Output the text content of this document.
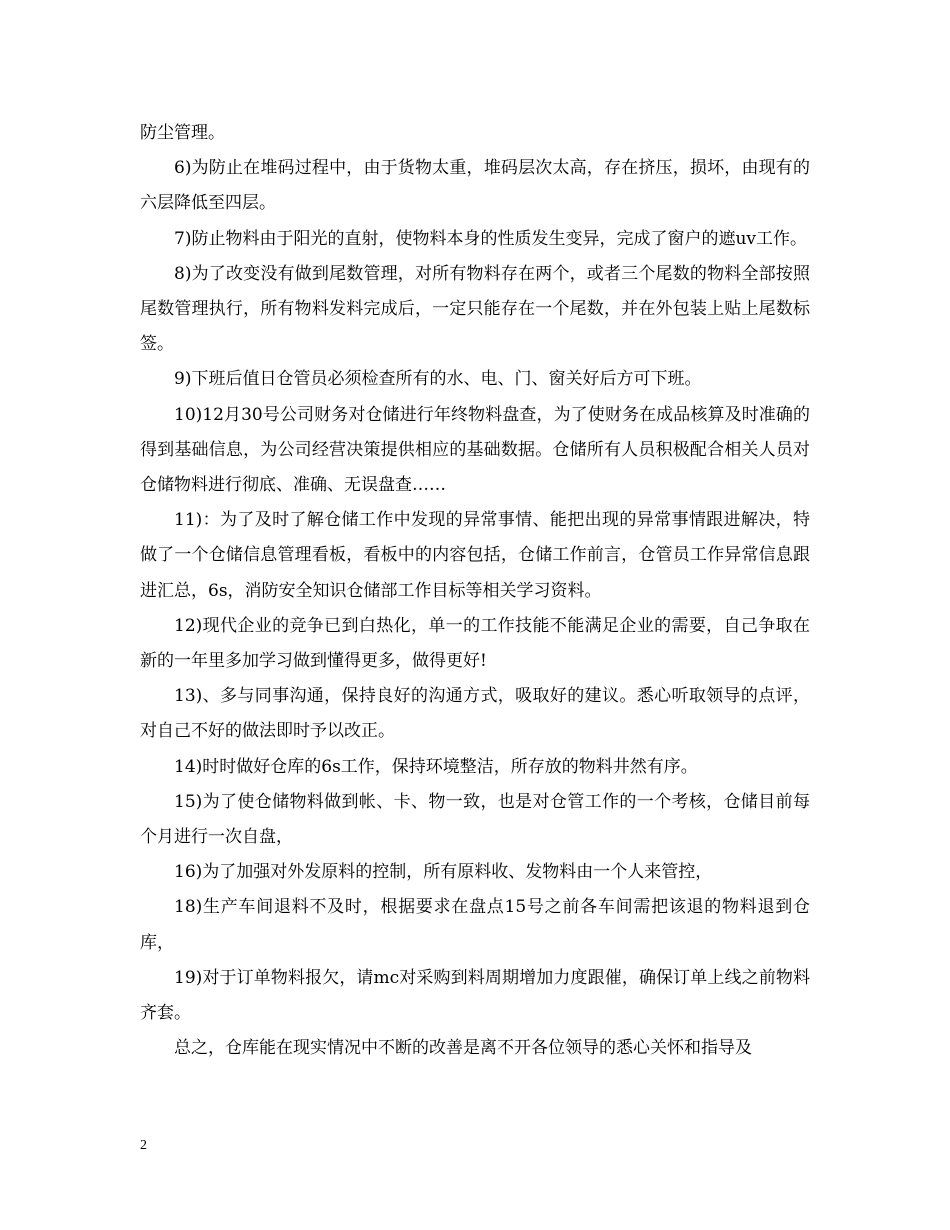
防尘管理。

6)为防止在堆码过程中，由于货物太重，堆码层次太高，存在挤压，损坏，由现有的六层降低至四层。

7)防止物料由于阳光的直射，使物料本身的性质发生变异，完成了窗户的遮uv工作。

8)为了改变没有做到尾数管理，对所有物料存在两个，或者三个尾数的物料全部按照尾数管理执行，所有物料发料完成后，一定只能存在一个尾数，并在外包装上贴上尾数标签。

9)下班后值日仓管员必须检查所有的水、电、门、窗关好后方可下班。

10)12月30号公司财务对仓储进行年终物料盘查，为了使财务在成品核算及时准确的得到基础信息，为公司经营决策提供相应的基础数据。仓储所有人员积极配合相关人员对仓储物料进行彻底、准确、无误盘查……

11)：为了及时了解仓储工作中发现的异常事情、能把出现的异常事情跟进解决，特做了一个仓储信息管理看板，看板中的内容包括，仓储工作前言，仓管员工作异常信息跟进汇总，6s，消防安全知识仓储部工作目标等相关学习资料。

12)现代企业的竞争已到白热化，单一的工作技能不能满足企业的需要，自己争取在新的一年里多加学习做到懂得更多，做得更好!

13)、多与同事沟通，保持良好的沟通方式，吸取好的建议。悉心听取领导的点评，对自己不好的做法即时予以改正。

14)时时做好仓库的6s工作，保持环境整洁，所存放的物料井然有序。

15)为了使仓储物料做到帐、卡、物一致，也是对仓管工作的一个考核，仓储目前每个月进行一次自盘，

16)为了加强对外发原料的控制，所有原料收、发物料由一个人来管控，

18)生产车间退料不及时，根据要求在盘点15号之前各车间需把该退的物料退到仓库，

19)对于订单物料报欠，请mc对采购到料周期增加力度跟催，确保订单上线之前物料齐套。

总之，仓库能在现实情况中不断的改善是离不开各位领导的悉心关怀和指导及

2
